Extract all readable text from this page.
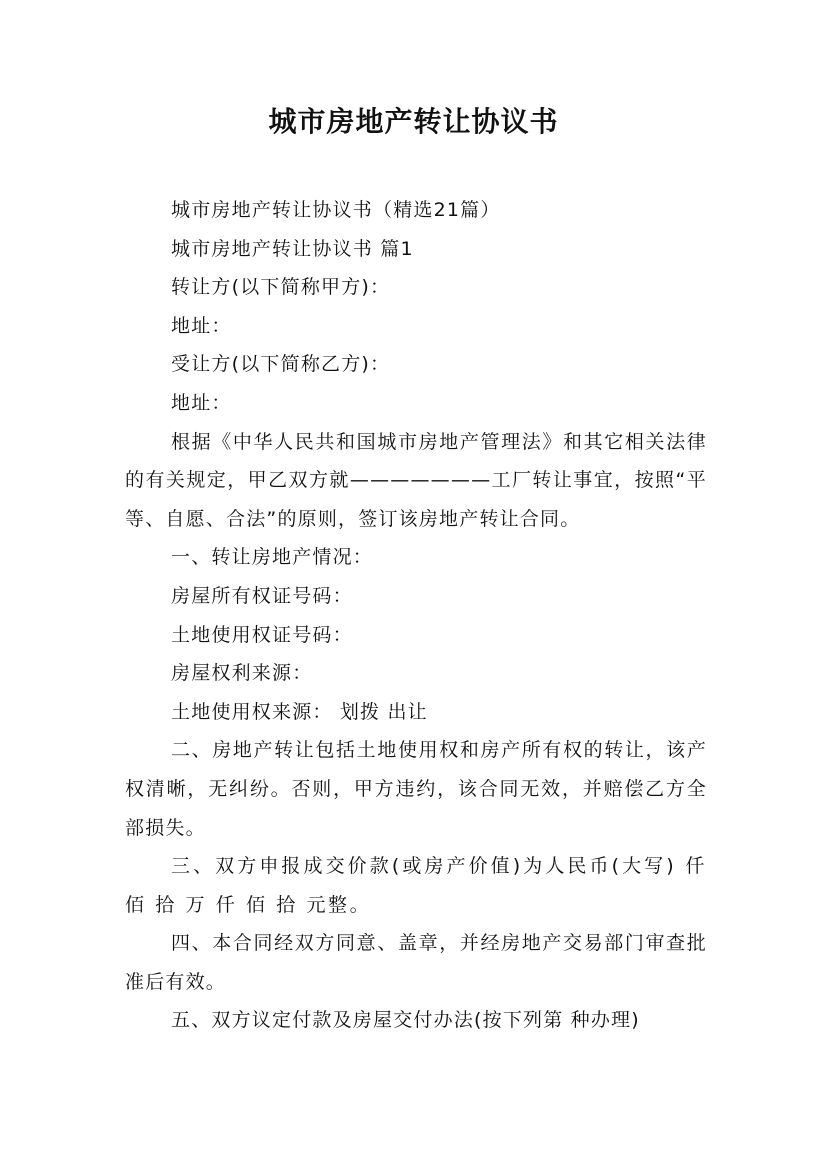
城市房地产转让协议书

城市房地产转让协议书（精选21篇）

城市房地产转让协议书 篇1

转让方(以下简称甲方)：

地址：

受让方(以下简称乙方)：

地址：

根据《中华人民共和国城市房地产管理法》和其它相关法律的有关规定，甲乙双方就———————工厂转让事宜，按照“平等、自愿、合法”的原则，签订该房地产转让合同。

一、转让房地产情况：

房屋所有权证号码：

土地使用权证号码：

房屋权利来源：

土地使用权来源： 划拨 出让

二、房地产转让包括土地使用权和房产所有权的转让，该产权清晰，无纠纷。否则，甲方违约，该合同无效，并赔偿乙方全部损失。

三、双方申报成交价款(或房产价值)为人民币(大写) 仟 佰 拾 万 仟 佰 拾 元整。

四、本合同经双方同意、盖章，并经房地产交易部门审查批准后有效。

五、双方议定付款及房屋交付办法(按下列第 种办理)
